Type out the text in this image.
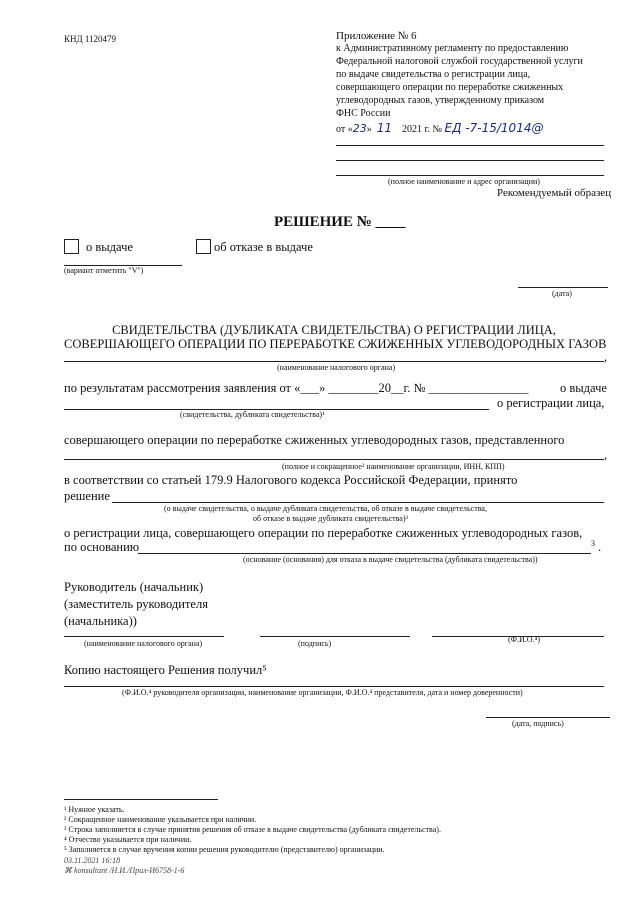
КНД 1120479	Приложение № 6
к Административному регламенту по предоставлению
Федеральной налоговой службой государственной услуги
по выдаче свидетельства о регистрации лица,
совершающего операции по переработке сжиженных
углеводородных газов, утвержденному приказом
ФНС России
от «23» 11 2021 г. № ЕД -7-15/1014@
(полное наименование и адрес организации)
Рекомендуемый образец
РЕШЕНИЕ № ____
о выдаче	об отказе в выдаче
(вариант отметить "V")
(дата)
СВИДЕТЕЛЬСТВА (ДУБЛИКАТА СВИДЕТЕЛЬСТВА) О РЕГИСТРАЦИИ ЛИЦА,
СОВЕРШАЮЩЕГО ОПЕРАЦИИ ПО ПЕРЕРАБОТКЕ СЖИЖЕННЫХ УГЛЕВОДОРОДНЫХ ГАЗОВ
,
(наименование налогового органа)
по результатам рассмотрения заявления от «___» ________20__г. № ________________	о выдаче
о регистрации лица,
(свидетельства, дубликата свидетельства)¹
совершающего операции по переработке сжиженных углеводородных газов, представленного
,
(полное и сокращенное² наименование организации, ИНН, КПП)
в соответствии со статьей 179.9 Налогового кодекса Российской Федерации, принято
решение
(о выдаче свидетельства, о выдаче дубликата свидетельства, об отказе в выдаче свидетельства,
об отказе в выдаче дубликата свидетельства)³
о регистрации лица, совершающего операции по переработке сжиженных углеводородных газов,
по основанию	3 .
(основание (основания) для отказа в выдаче свидетельства (дубликата свидетельства))
Руководитель (начальник)
(заместитель руководителя
(начальника))
(наименование налогового органа)	(подпись)	(Ф.И.О.⁴)
Копию настоящего Решения получил⁵
(Ф.И.О.⁴ руководителя организации, наименование организации, Ф.И.О.⁴ представителя, дата и номер доверенности)
(дата, подпись)
¹ Нужное указать.
² Сокращенное наименование указывается при наличии.
³ Строка заполняется в случае принятия решения об отказе в выдаче свидетельства (дубликата свидетельства).
⁴ Отчество указывается при наличии.
⁵ Заполняется в случае вручения копии решения руководителю (представителю) организации.
03.11.2021 16:18
⌘ konsultant /Н.И./Прил-И6758-1-6
